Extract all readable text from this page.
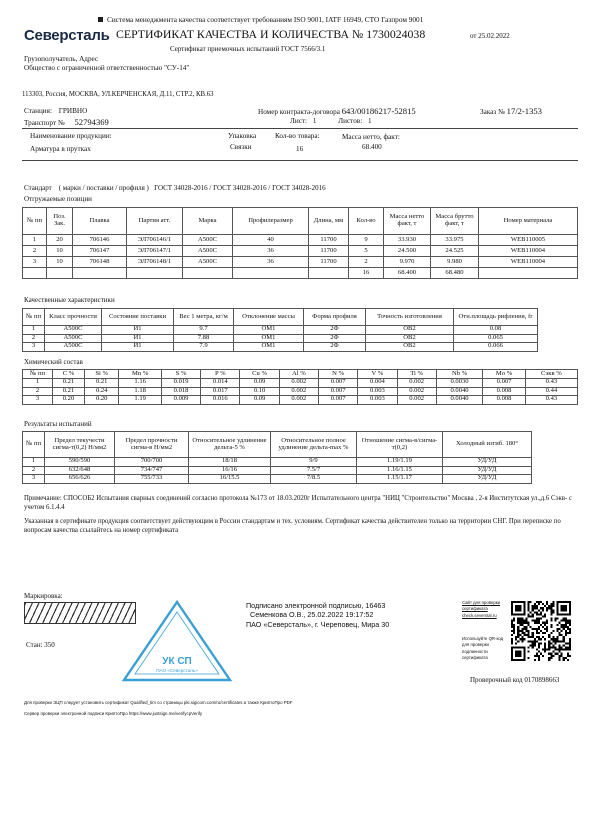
Система менеджмента качества соответствует требованиям ISO 9001, IATF 16949, СТО Газпром 9001
Северсталь СЕРТИФИКАТ КАЧЕСТВА И КОЛИЧЕСТВА № 1730024038	от 25.02.2022
Сертификат приемочных испытаний ГОСТ 7566/3.1
Грузополучатель, Адрес
Общество с ограниченной ответственностью "СУ-14"
113303, Россия, МОСКВА, УЛ.КЕРЧЕНСКАЯ, Д.11, СТР.2, КВ.63
Станция: ГРИВНО	Номер контракта-договора 643/00186217-52815	Заказ № 17/2-1353
Транспорт № 52794369	Лист: 1	Листов: 1
Наименование продукции:
Арматура в прутках
Упаковка
Связки
Кол-во товара:
16
Масса нетто, факт:
68.400
Стандарт    ( марки / поставки / профиля )   ГОСТ 34028-2016 / ГОСТ 34028-2016 / ГОСТ 34028-2016
Отгружаемые позиции
№ пп	Поз. Зак.	Плавка	Партия атт.	Марка	Профилеразмер	Длина, мм	Кол-во	Масса нетто факт, т	Масса брутто факт, т	Номер материала
1	20	706146	ЭЛ706146/1	А500С	40	11700	9	33.930	33.975	WEB110005
2	10	706147	ЭЛ706147/1	А500С	36	11700	5	24.500	24.525	WEB110004
3	10	706148	ЭЛ706148/1	А500С	36	11700	2	9.970	9.980	WEB110004
							16	68.400	68.480	
Качественные характеристики
№ пп	Класс прочности	Состояние поставки	Вес 1 метра, кг/м	Отклонение массы	Форма профиля	Точность изготовления	Отн.площадь рифления, fr	
1	А500С	И1	9.7	ОМ1	2Ф	ОВ2	0.08	
2	А500С	И1	7.88	ОМ1	2Ф	ОВ2	0.065	
3	А500С	И1	7.9	ОМ1	2Ф	ОВ2	0.066	
Химический состав
№ пп	C %	Si %	Mn %	S %	P %	Cu %	Al %	N %	V %	Ti %	Nb %	Mo %	Cэкв %
1	0.21	0.21	1.16	0.019	0.014	0.09	0.002	0.007	0.004	0.002	0.0030	0.007	0.43
2	0.21	0.24	1.18	0.018	0.017	0.10	0.002	0.007	0.003	0.002	0.0040	0.008	0.44
3	0.20	0.20	1.19	0.009	0.016	0.09	0.002	0.007	0.003	0.002	0.0040	0.008	0.43
Результаты испытаний
№ пп	Предел текучести сигма-т(0,2) Н/мм2	Предел прочности сигма-в Н/мм2	Относительное удлинение дельта-5 %	Относительное полное удлинение дельта-max %	Отношение сигма-в/сигма-т(0,2)	Холодный изгиб. 180°
1	590/590	700/700	18/18	9/9	1.19/1.19	УД/УД
2	632/648	734/747	16/16	7.5/7	1.16/1.15	УД/УД
3	656/626	755/733	16/15.5	7/8.5	1.15/1.17	УД/УД
Примечание: СПОСОБ2 Испытания сварных соединений согласно протокола №173 от 18.03.2020г Испытательного центра "НИЦ "Строительство" Москва , 2-я Институтская ул.,д.6 Сэкв- с учетом 6.1.4.4
Указанная в сертификате продукция соответствует действующим в России стандартам и тех. условиям. Сертификат качества действителен только на территории СНГ. При переписке по вопросам качества ссылайтесь на номер сертификата
Маркировка:
Стан: 350
УК СП
ПАО «Северсталь»
Подписано электронной подписью, 16463
Семенкова О.В., 25.02.2022 19:17:52
ПАО «Северсталь», г. Череповец, Мира 30
Сайт для проверки сертификата check.severstal.ru
Используйте QR-код для проверки подлинности сертификата
Проверочный код 0170898663
Для проверки ЭЦП следует установить сертификат Qualified_tim со страницы pki.sigicom.com/ru/certificates а также КриптоПро PDF
Сервер проверки электронной подписи КриптоПро https://www.justsign.me/verifycpVerify
